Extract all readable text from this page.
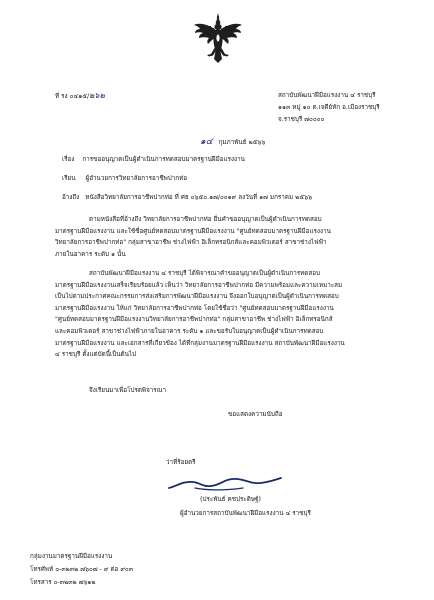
ที่ รง ๐๔๑๕/๒๖๒	สถาบันพัฒนาฝีมือแรงงาน ๔ ราชบุรี
๑๑๓ หมู่ ๑๐ ต.เจดีย์หัก อ.เมืองราชบุรี
จ.ราชบุรี ๗๐๐๐๐
๑๔ กุมภาพันธ์ ๒๕๖๖
เรื่อง การขออนุญาตเป็นผู้ดำเนินการทดสอบมาตรฐานฝีมือแรงงาน
เรียน ผู้อำนวยการวิทยาลัยการอาชีพปากท่อ
อ้างถึง หนังสือวิทยาลัยการอาชีพปากท่อ ที่ ศธ ๐๖๕๐.๑๗/๐๐๑๙ ลงวันที่ ๑๗ มกราคม ๒๕๖๖
ตามหนังสือที่อ้างถึง วิทยาลัยการอาชีพปากท่อ ยื่นคำขออนุญาตเป็นผู้ดำเนินการทดสอบ
มาตรฐานฝีมือแรงงาน และใช้ชื่อศูนย์ทดสอบมาตรฐานฝีมือแรงงาน "ศูนย์ทดสอบมาตรฐานฝีมือแรงงาน
วิทยาลัยการอาชีพปากท่อ" กลุ่มสาขาอาชีพ ช่างไฟฟ้า อิเล็กทรอนิกส์และคอมพิวเตอร์ สาขาช่างไฟฟ้า
ภายในอาคาร ระดับ ๑ นั้น
สถาบันพัฒนาฝีมือแรงงาน ๔ ราชบุรี ได้พิจารณาคำขออนุญาตเป็นผู้ดำเนินการทดสอบ
มาตรฐานฝีมือแรงงานเสร็จเรียบร้อยแล้ว เห็นว่า วิทยาลัยการอาชีพปากท่อ มีความพร้อมและความเหมาะสม
เป็นไปตามประกาศคณะกรรมการส่งเสริมการพัฒนาฝีมือแรงงาน จึงออกใบอนุญาตเป็นผู้ดำเนินการทดสอบ
มาตรฐานฝีมือแรงงาน ให้แก่ วิทยาลัยการอาชีพปากท่อ โดยใช้ชื่อว่า "ศูนย์ทดสอบมาตรฐานฝีมือแรงงาน
"ศูนย์ทดสอบมาตรฐานฝีมือแรงงานวิทยาลัยการอาชีพปากท่อ" กลุ่มสาขาอาชีพ ช่างไฟฟ้า อิเล็กทรอนิกส์
และคอมพิวเตอร์ สาขาช่างไฟฟ้าภายในอาคาร ระดับ ๑ และขอรับใบอนุญาตเป็นผู้ดำเนินการทดสอบ
มาตรฐานฝีมือแรงงาน และเอกสารที่เกี่ยวข้อง ได้ที่กลุ่มงานมาตรฐานฝีมือแรงงาน สถาบันพัฒนาฝีมือแรงงาน
๔ ราชบุรี ตั้งแต่บัดนี้เป็นต้นไป
จึงเรียนมาเพื่อโปรดพิจารณา
ขอแสดงความนับถือ
ว่าที่ร้อยตรี
(ประพันธ์ คชประดิษฐ์)
ผู้อำนวยการสถาบันพัฒนาฝีมือแรงงาน ๔ ราชบุรี
กลุ่มงานมาตรฐานฝีมือแรงงาน
โทรศัพท์ ๐-๓๒๓๒ ๗๖๐๗ - ๙ ต่อ ๙๐๓
โทรสาร ๐-๓๒๓๒ ๗๖๑๒
